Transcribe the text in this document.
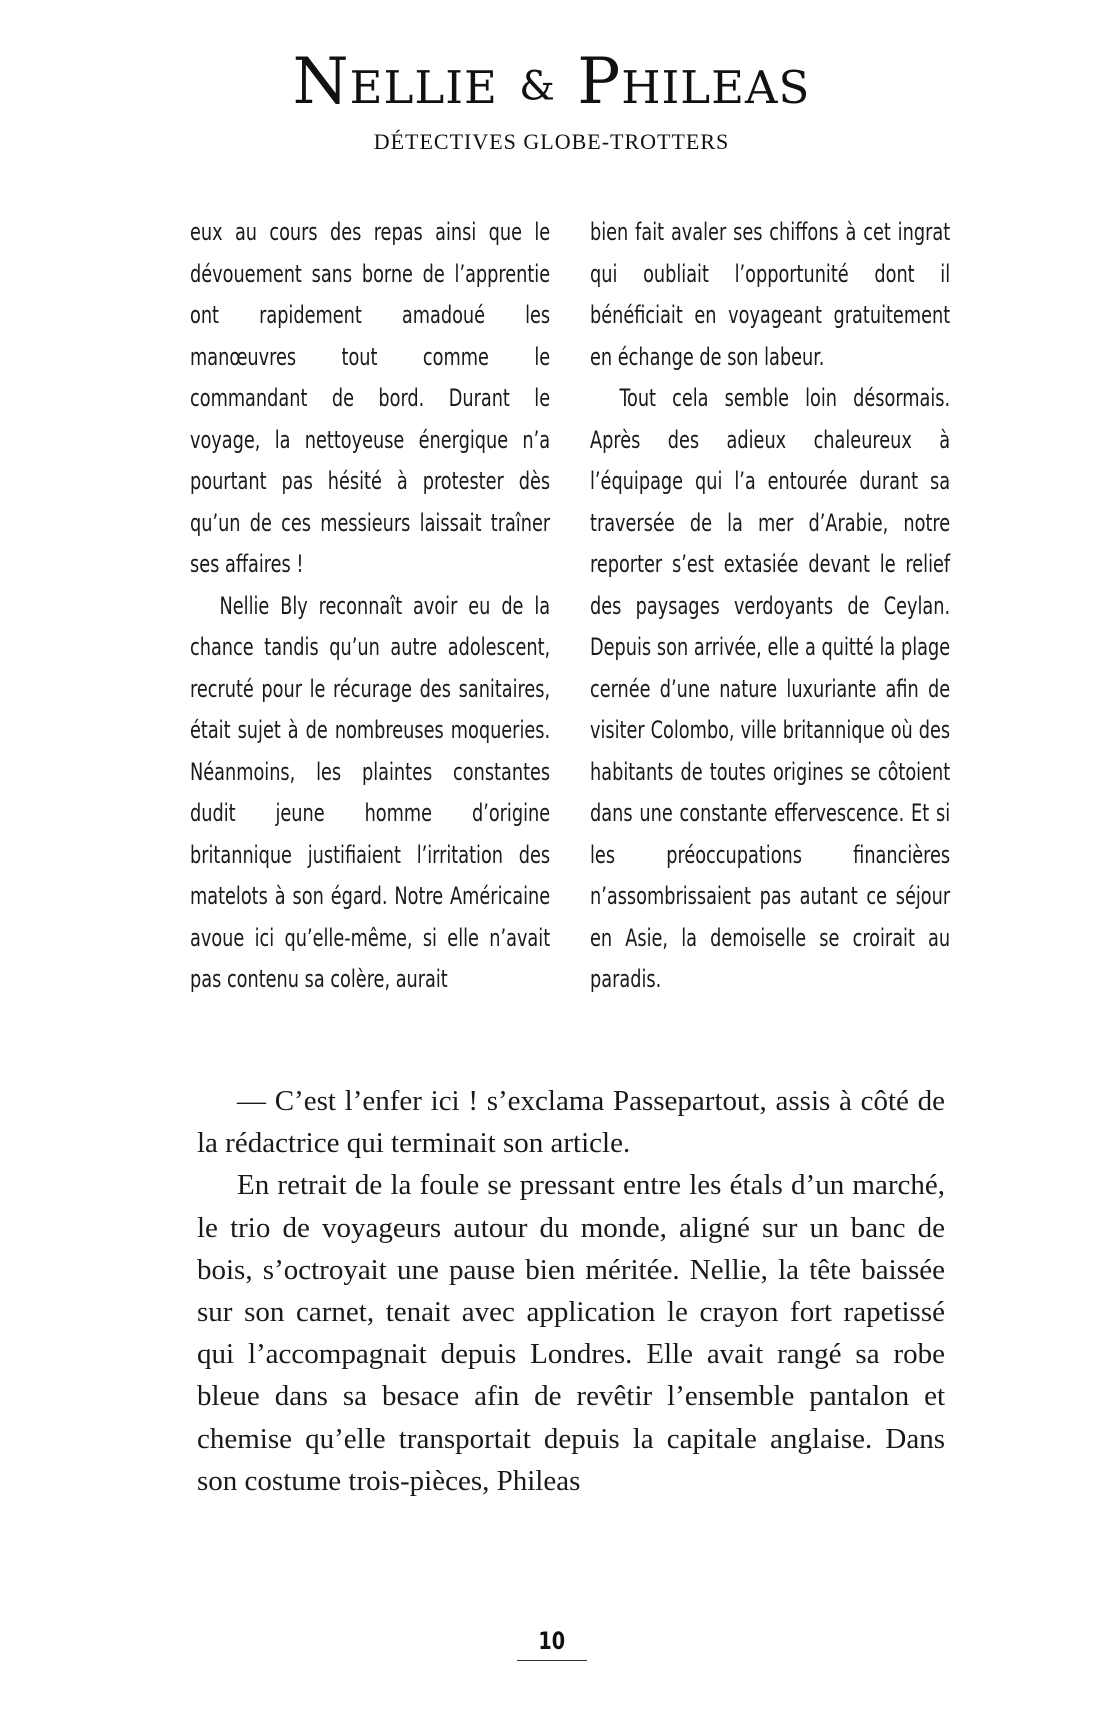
Nellie & Phileas

DÉTECTIVES GLOBE-TROTTERS

eux au cours des repas ainsi que le dévouement sans borne de l’apprentie ont rapidement amadoué les manœuvres tout comme le commandant de bord. Durant le voyage, la nettoyeuse énergique n’a pourtant pas hésité à protester dès qu’un de ces messieurs laissait traîner ses affaires !

Nellie Bly reconnaît avoir eu de la chance tandis qu’un autre adolescent, recruté pour le récurage des sanitaires, était sujet à de nombreuses moqueries. Néanmoins, les plaintes constantes dudit jeune homme d’origine britannique justifiaient l’irritation des matelots à son égard. Notre Américaine avoue ici qu’elle-même, si elle n’avait pas contenu sa colère, aurait

bien fait avaler ses chiffons à cet ingrat qui oubliait l’opportunité dont il bénéficiait en voyageant gratuitement en échange de son labeur.

Tout cela semble loin désormais. Après des adieux chaleureux à l’équipage qui l’a entourée durant sa traversée de la mer d’Arabie, notre reporter s’est extasiée devant le relief des paysages verdoyants de Ceylan. Depuis son arrivée, elle a quitté la plage cernée d’une nature luxuriante afin de visiter Colombo, ville britannique où des habitants de toutes origines se côtoient dans une constante effervescence. Et si les préoccupations financières n’assombrissaient pas autant ce séjour en Asie, la demoiselle se croirait au paradis.

— C’est l’enfer ici ! s’exclama Passepartout, assis à côté de la rédactrice qui terminait son article.

En retrait de la foule se pressant entre les étals d’un marché, le trio de voyageurs autour du monde, aligné sur un banc de bois, s’octroyait une pause bien méritée. Nellie, la tête baissée sur son carnet, tenait avec application le crayon fort rapetissé qui l’accompagnait depuis Londres. Elle avait rangé sa robe bleue dans sa besace afin de revêtir l’ensemble pantalon et chemise qu’elle transportait depuis la capitale anglaise. Dans son costume trois-pièces, Phileas

10
